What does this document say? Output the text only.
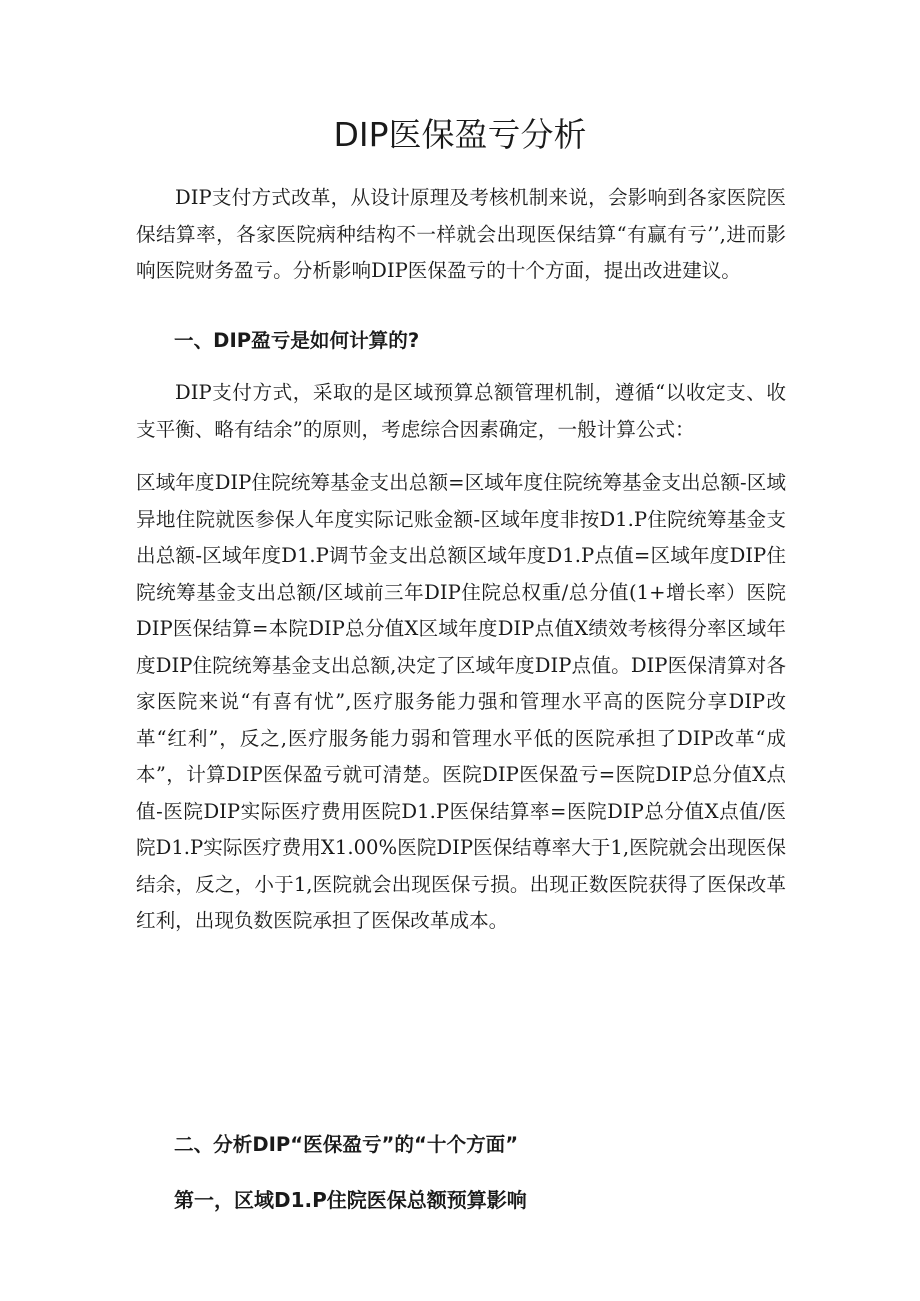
DIP医保盈亏分析

DIP支付方式改革，从设计原理及考核机制来说，会影响到各家医院医保结算率，各家医院病种结构不一样就会出现医保结算“有赢有亏’’,进而影响医院财务盈亏。分析影响DIP医保盈亏的十个方面，提出改进建议。

一、DIP盈亏是如何计算的?

DIP支付方式，采取的是区域预算总额管理机制，遵循“以收定支、收支平衡、略有结余”的原则，考虑综合因素确定，一般计算公式：

区域年度DIP住院统筹基金支出总额=区域年度住院统筹基金支出总额-区域异地住院就医参保人年度实际记账金额-区域年度非按D1.P住院统筹基金支出总额-区域年度D1.P调节金支出总额区域年度D1.P点值=区域年度DIP住院统筹基金支出总额/区域前三年DIP住院总权重/总分值(1+增长率）医院DIP医保结算=本院DIP总分值X区域年度DIP点值X绩效考核得分率区域年度DIP住院统筹基金支出总额,决定了区域年度DIP点值。DIP医保清算对各家医院来说“有喜有忧”,医疗服务能力强和管理水平高的医院分享DIP改革“红利”，反之,医疗服务能力弱和管理水平低的医院承担了DIP改革“成本”，计算DIP医保盈亏就可清楚。医院DIP医保盈亏=医院DIP总分值X点值-医院DIP实际医疗费用医院D1.P医保结算率=医院DIP总分值X点值/医院D1.P实际医疗费用X1.00%医院DIP医保结尊率大于1,医院就会出现医保结余，反之，小于1,医院就会出现医保亏损。出现正数医院获得了医保改革红利，出现负数医院承担了医保改革成本。

二、分析DIP“医保盈亏”的“十个方面”
第一，区域D1.P住院医保总额预算影响
